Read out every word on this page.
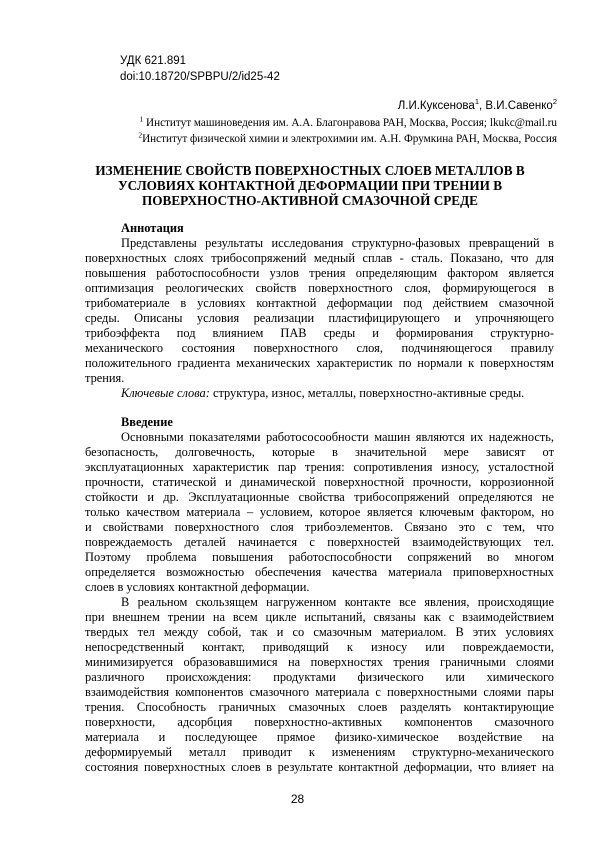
УДК 621.891
doi:10.18720/SPBPU/2/id25-42
Л.И.Куксенова$^1$, В.И.Савенко$^2$
$^1$ Институт машиноведения им. А.А. Благонравова РАН, Москва, Россия; lkukc@mail.ru
$^2$Институт физической химии и электрохимии им. А.Н. Фрумкина РАН, Москва, Россия
ИЗМЕНЕНИЕ СВОЙСТВ ПОВЕРХНОСТНЫХ СЛОЕВ МЕТАЛЛОВ В
УСЛОВИЯХ КОНТАКТНОЙ ДЕФОРМАЦИИ ПРИ ТРЕНИИ В
ПОВЕРХНОСТНО-АКТИВНОЙ СМАЗОЧНОЙ СРЕДЕ
Аннотация
Представлены результаты исследования структурно-фазовых превращений в
поверхностных слоях трибосопряжений медный сплав - сталь. Показано, что для
повышения работоспособности узлов трения определяющим фактором является
оптимизация реологических свойств поверхностного слоя, формирующегося в
трибоматериале в условиях контактной деформации под действием смазочной
среды. Описаны условия реализации пластифицирующего и упрочняющего
трибоэффекта под влиянием ПАВ среды и формирования структурно-
механического состояния поверхностного слоя, подчиняющегося правилу
положительного градиента механических характеристик по нормали к поверхностям
трения.
Ключевые слова: структура, износ, металлы, поверхностно-активные среды.
Введение
Основными показателями работососообности машин являются их надежность,
безопасность, долговечность, которые в значительной мере зависят от
эксплуатационных характеристик пар трения: сопротивления износу, усталостной
прочности, статической и динамической поверхностной прочности, коррозионной
стойкости и др. Эксплуатационные свойства трибосопряжений определяются не
только качеством материала – условием, которое является ключевым фактором, но
и свойствами поверхностного слоя трибоэлементов. Связано это с тем, что
повреждаемость деталей начинается с поверхностей взаимодействующих тел.
Поэтому проблема повышения работоспособности сопряжений во многом
определяется возможностью обеспечения качества материала приповерхностных
слоев в условиях контактной деформации.
В реальном скользящем нагруженном контакте все явления, происходящие
при внешнем трении на всем цикле испытаний, связаны как с взаимодействием
твердых тел между собой, так и со смазочным материалом. В этих условиях
непосредственный контакт, приводящий к износу или повреждаемости,
минимизируется образовавшимися на поверхностях трения граничными слоями
различного происхождения: продуктами физического или химического
взаимодействия компонентов смазочного материала с поверхностными слоями пары
трения. Способность граничных смазочных слоев разделять контактирующие
поверхности, адсорбция поверхностно-активных компонентов смазочного
материала и последующее прямое физико-химическое воздействие на
деформируемый металл приводит к изменениям структурно-механического
состояния поверхностных слоев в результате контактной деформации, что влияет на
28
